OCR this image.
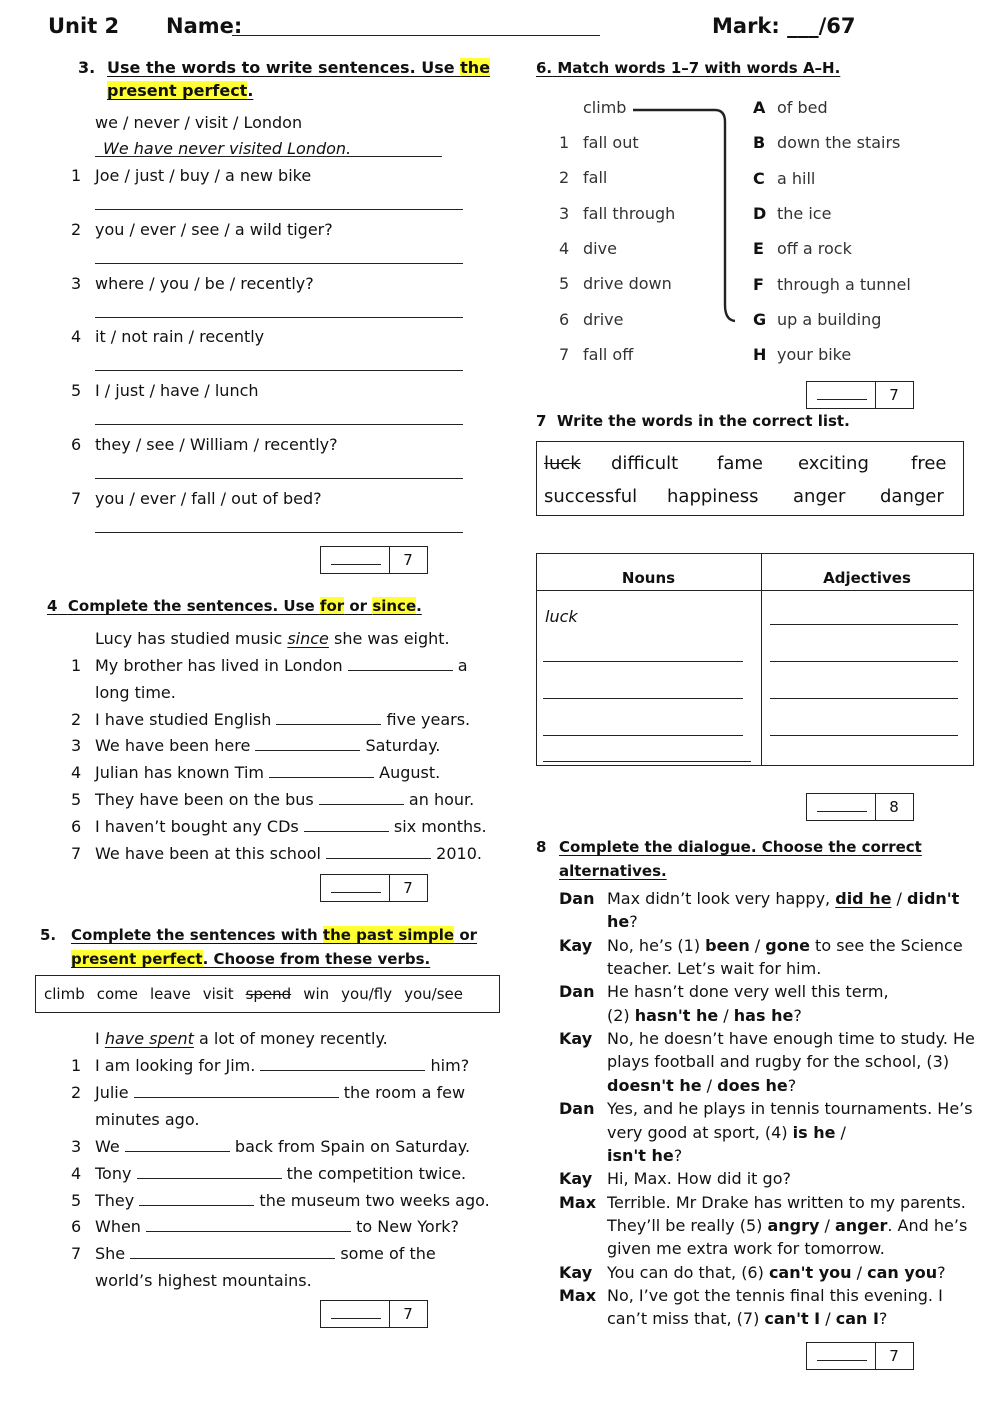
Unit 2 Name:	Mark: ___/67
3. Use the words to write sentences. Use the
present perfect.
we / never / visit / London
We have never visited London.
1 Joe / just / buy / a new bike
2 you / ever / see / a wild tiger?
3 where / you / be / recently?
4 it / not rain / recently
5 I / just / have / lunch
6 they / see / William / recently?
7 you / ever / fall / out of bed?
7
4 Complete the sentences. Use for or since.
Lucy has studied music since she was eight.
1 My brother has lived in London	a
long time.
2 I have studied English	five years.
3 We have been here	Saturday.
4 Julian has known Tim	August.
5 They have been on the bus	an hour.
6 I haven’t bought any CDs	six months.
7 We have been at this school	2010.
7
5. Complete the sentences with the past simple or
present perfect. Choose from these verbs.
climb come leave visit spend win you/fly you/see
I have spent a lot of money recently.
1 I am looking for Jim.	him?
2 Julie	the room a few
minutes ago.
3 We	back from Spain on Saturday.
4 Tony	the competition twice.
5 They	the museum two weeks ago.
6 When	to New York?
7 She	some of the
world’s highest mountains.
7
6. Match words 1–7 with words A–H.
climb
1 fall out
2 fall
3 fall through
4 dive
5 drive down
6 drive
7 fall off
A of bed
B down the stairs
C a hill
D the ice
E off a rock
F through a tunnel
G up a building
H your bike
7
7 Write the words in the correct list.
luck difficult fame exciting free
successful happiness anger danger
Nouns	Adjectives
luck
8
8 Complete the dialogue. Choose the correct
alternatives.
Dan Max didn’t look very happy, did he / didn't
he?
Kay No, he’s (1) been / gone to see the Science
teacher. Let’s wait for him.
Dan He hasn’t done very well this term,
(2) hasn't he / has he?
Kay No, he doesn’t have enough time to study. He
plays football and rugby for the school, (3)
doesn't he / does he?
Dan Yes, and he plays in tennis tournaments. He’s
very good at sport, (4) is he /
isn't he?
Kay Hi, Max. How did it go?
Max Terrible. Mr Drake has written to my parents.
They’ll be really (5) angry / anger. And he’s
given me extra work for tomorrow.
Kay You can do that, (6) can't you / can you?
Max No, I’ve got the tennis final this evening. I
can’t miss that, (7) can't I / can I?
7
